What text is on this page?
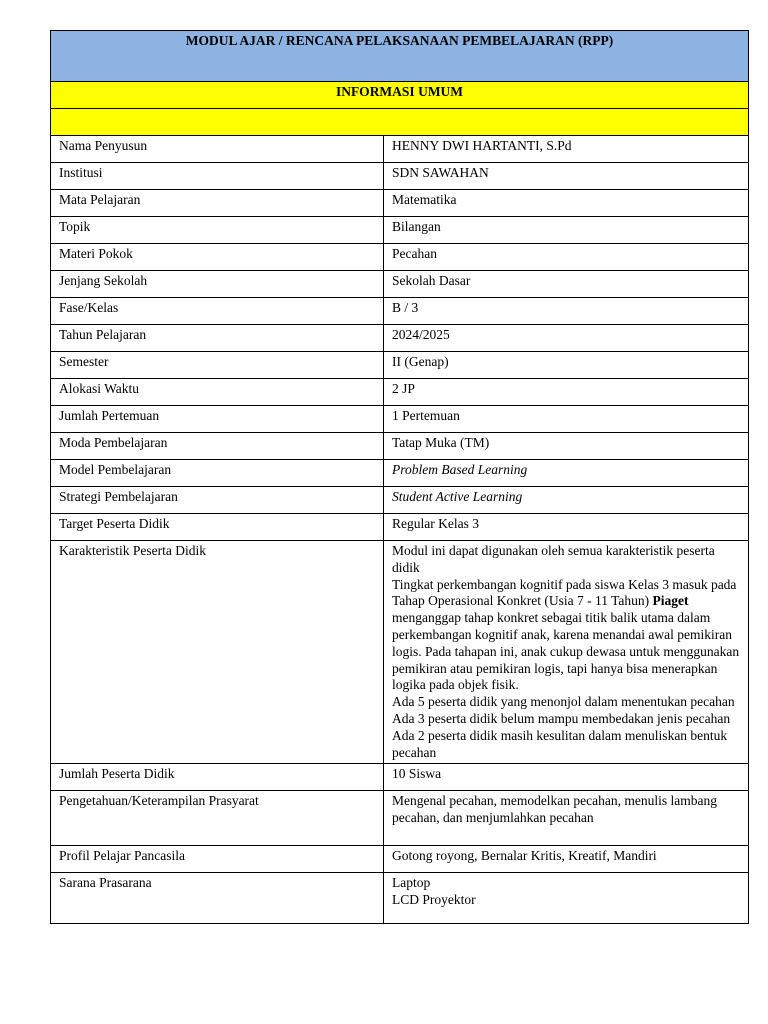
MODUL AJAR / RENCANA PELAKSANAAN PEMBELAJARAN (RPP)	
INFORMASI UMUM	

Nama Penyusun	HENNY DWI HARTANTI, S.Pd
Institusi	SDN SAWAHAN
Mata Pelajaran	Matematika
Topik	Bilangan
Materi Pokok	Pecahan
Jenjang Sekolah	Sekolah Dasar
Fase/Kelas	B / 3
Tahun Pelajaran	2024/2025
Semester	II (Genap)
Alokasi Waktu	2 JP
Jumlah Pertemuan	1 Pertemuan
Moda Pembelajaran	Tatap Muka (TM)
Model Pembelajaran	Problem Based Learning
Strategi Pembelajaran	Student Active Learning
Target Peserta Didik	Regular Kelas 3
Karakteristik Peserta Didik	Modul ini dapat digunakan oleh semua karakteristik peserta didik
Tingkat perkembangan kognitif pada siswa Kelas 3 masuk pada Tahap Operasional Konkret (Usia 7 - 11 Tahun) Piaget menganggap tahap konkret sebagai titik balik utama dalam perkembangan kognitif anak, karena menandai awal pemikiran logis. Pada tahapan ini, anak cukup dewasa untuk menggunakan pemikiran atau pemikiran logis, tapi hanya bisa menerapkan logika pada objek fisik.
Ada 5 peserta didik yang menonjol dalam menentukan pecahan
Ada 3 peserta didik belum mampu membedakan jenis pecahan
Ada 2 peserta didik masih kesulitan dalam menuliskan bentuk pecahan

Jumlah Peserta Didik	10 Siswa
Pengetahuan/Keterampilan Prasyarat	Mengenal pecahan, memodelkan pecahan, menulis lambang pecahan, dan menjumlahkan pecahan
Profil Pelajar Pancasila	Gotong royong, Bernalar Kritis, Kreatif, Mandiri
Sarana Prasarana	Laptop
LCD Proyektor
